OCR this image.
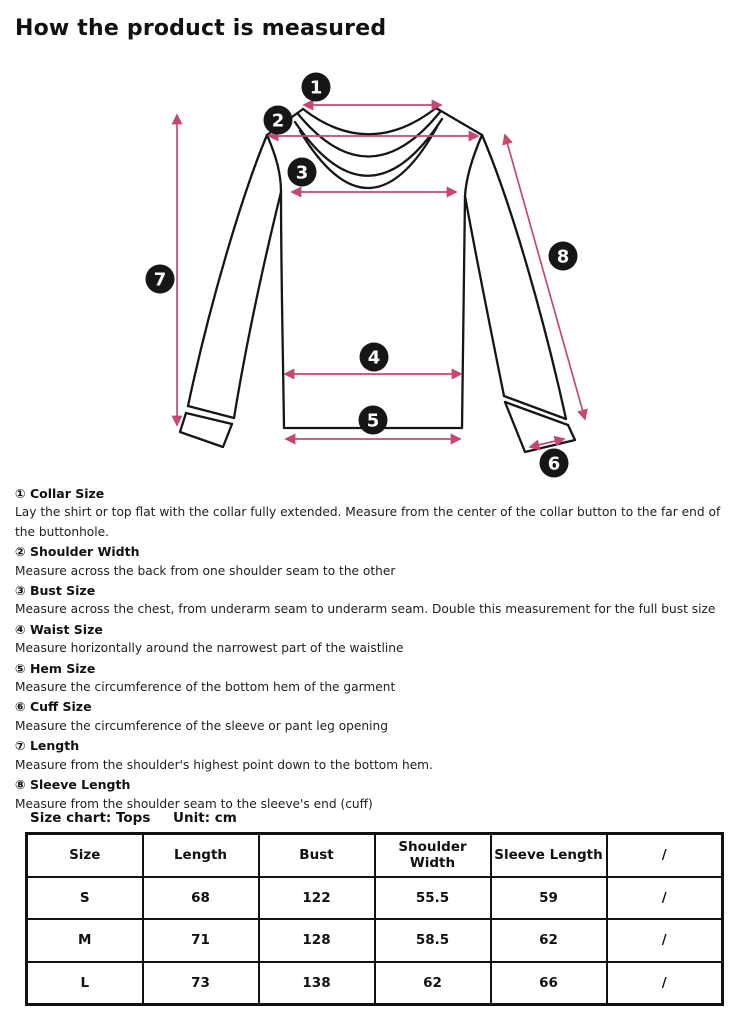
How the product is measured
1
2
3
4
5
6
7
8

① Collar Size

Lay the shirt or top flat with the collar fully extended. Measure from the center of the collar button to the far end of the buttonhole.

② Shoulder Width

Measure across the back from one shoulder seam to the other

③ Bust Size

Measure across the chest, from underarm seam to underarm seam. Double this measurement for the full bust size

④ Waist Size

Measure horizontally around the narrowest part of the waistline

⑤ Hem Size

Measure the circumference of the bottom hem of the garment

⑥ Cuff Size

Measure the circumference of the sleeve or pant leg opening

⑦ Length

Measure from the shoulder's highest point down to the bottom hem.

⑧ Sleeve Length

Measure from the shoulder seam to the sleeve's end (cuff)

Size chart: Tops Unit: cm
Size	Length	Bust	Shoulder Width	Sleeve Length	/
S	68	122	55.5	59	/
M	71	128	58.5	62	/
L	73	138	62	66	/
